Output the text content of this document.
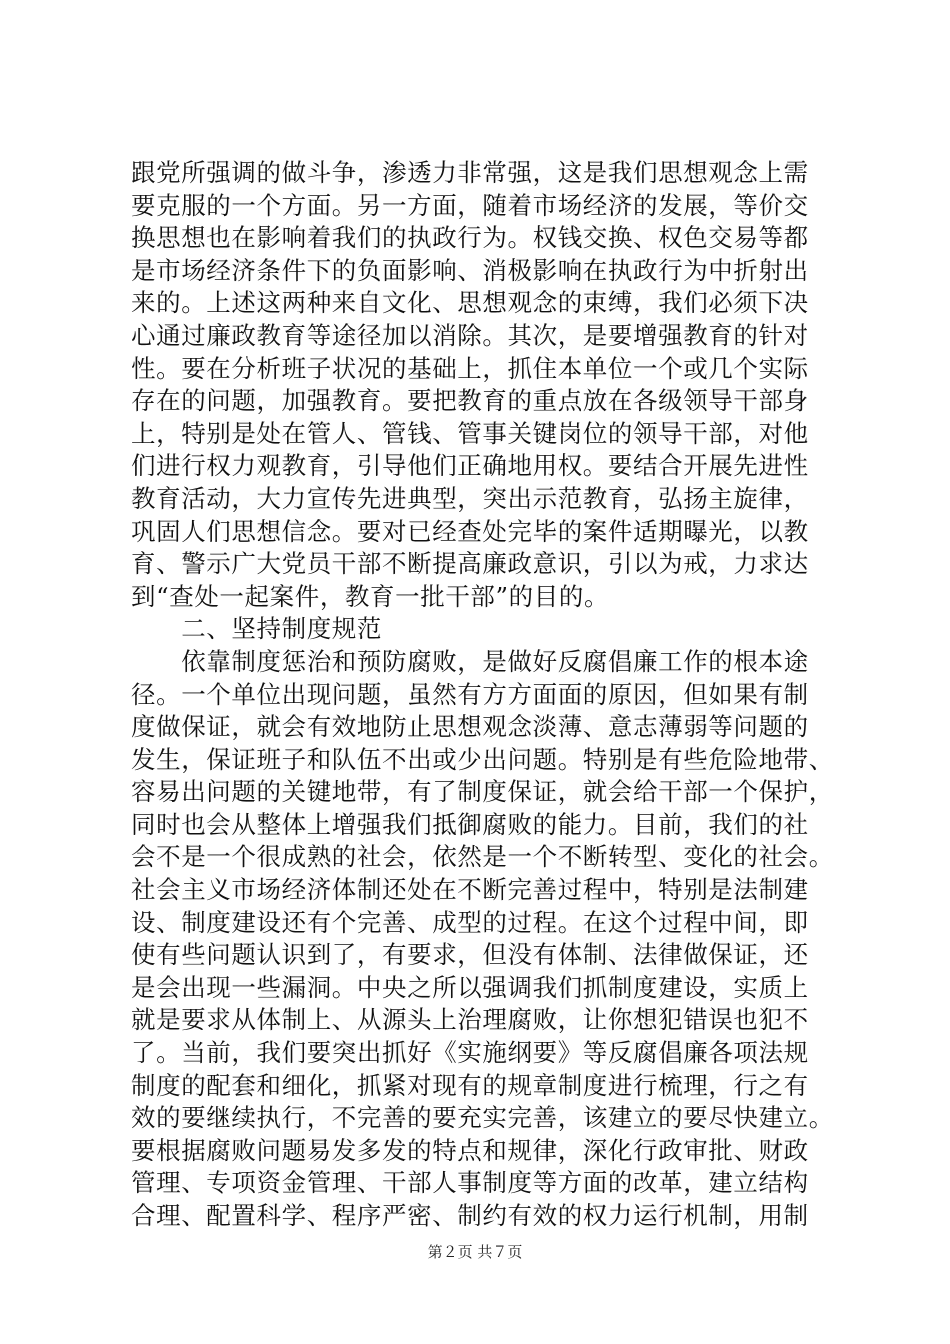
跟党所强调的做斗争，渗透力非常强，这是我们思想观念上需
要克服的一个方面。另一方面，随着市场经济的发展，等价交
换思想也在影响着我们的执政行为。权钱交换、权色交易等都
是市场经济条件下的负面影响、消极影响在执政行为中折射出
来的。上述这两种来自文化、思想观念的束缚，我们必须下决
心通过廉政教育等途径加以消除。其次，是要增强教育的针对
性。要在分析班子状况的基础上，抓住本单位一个或几个实际
存在的问题，加强教育。要把教育的重点放在各级领导干部身
上，特别是处在管人、管钱、管事关键岗位的领导干部，对他
们进行权力观教育，引导他们正确地用权。要结合开展先进性
教育活动，大力宣传先进典型，突出示范教育，弘扬主旋律，
巩固人们思想信念。要对已经查处完毕的案件适期曝光，以教
育、警示广大党员干部不断提高廉政意识，引以为戒，力求达
到“查处一起案件，教育一批干部”的目的。
　　二、坚持制度规范
　　依靠制度惩治和预防腐败，是做好反腐倡廉工作的根本途
径。一个单位出现问题，虽然有方方面面的原因，但如果有制
度做保证，就会有效地防止思想观念淡薄、意志薄弱等问题的
发生，保证班子和队伍不出或少出问题。特别是有些危险地带、
容易出问题的关键地带，有了制度保证，就会给干部一个保护，
同时也会从整体上增强我们抵御腐败的能力。目前，我们的社
会不是一个很成熟的社会，依然是一个不断转型、变化的社会。
社会主义市场经济体制还处在不断完善过程中，特别是法制建
设、制度建设还有个完善、成型的过程。在这个过程中间，即
使有些问题认识到了，有要求，但没有体制、法律做保证，还
是会出现一些漏洞。中央之所以强调我们抓制度建设，实质上
就是要求从体制上、从源头上治理腐败，让你想犯错误也犯不
了。当前，我们要突出抓好《实施纲要》等反腐倡廉各项法规
制度的配套和细化，抓紧对现有的规章制度进行梳理，行之有
效的要继续执行，不完善的要充实完善，该建立的要尽快建立。
要根据腐败问题易发多发的特点和规律，深化行政审批、财政
管理、专项资金管理、干部人事制度等方面的改革，建立结构
合理、配置科学、程序严密、制约有效的权力运行机制，用制
第２页 共７页
